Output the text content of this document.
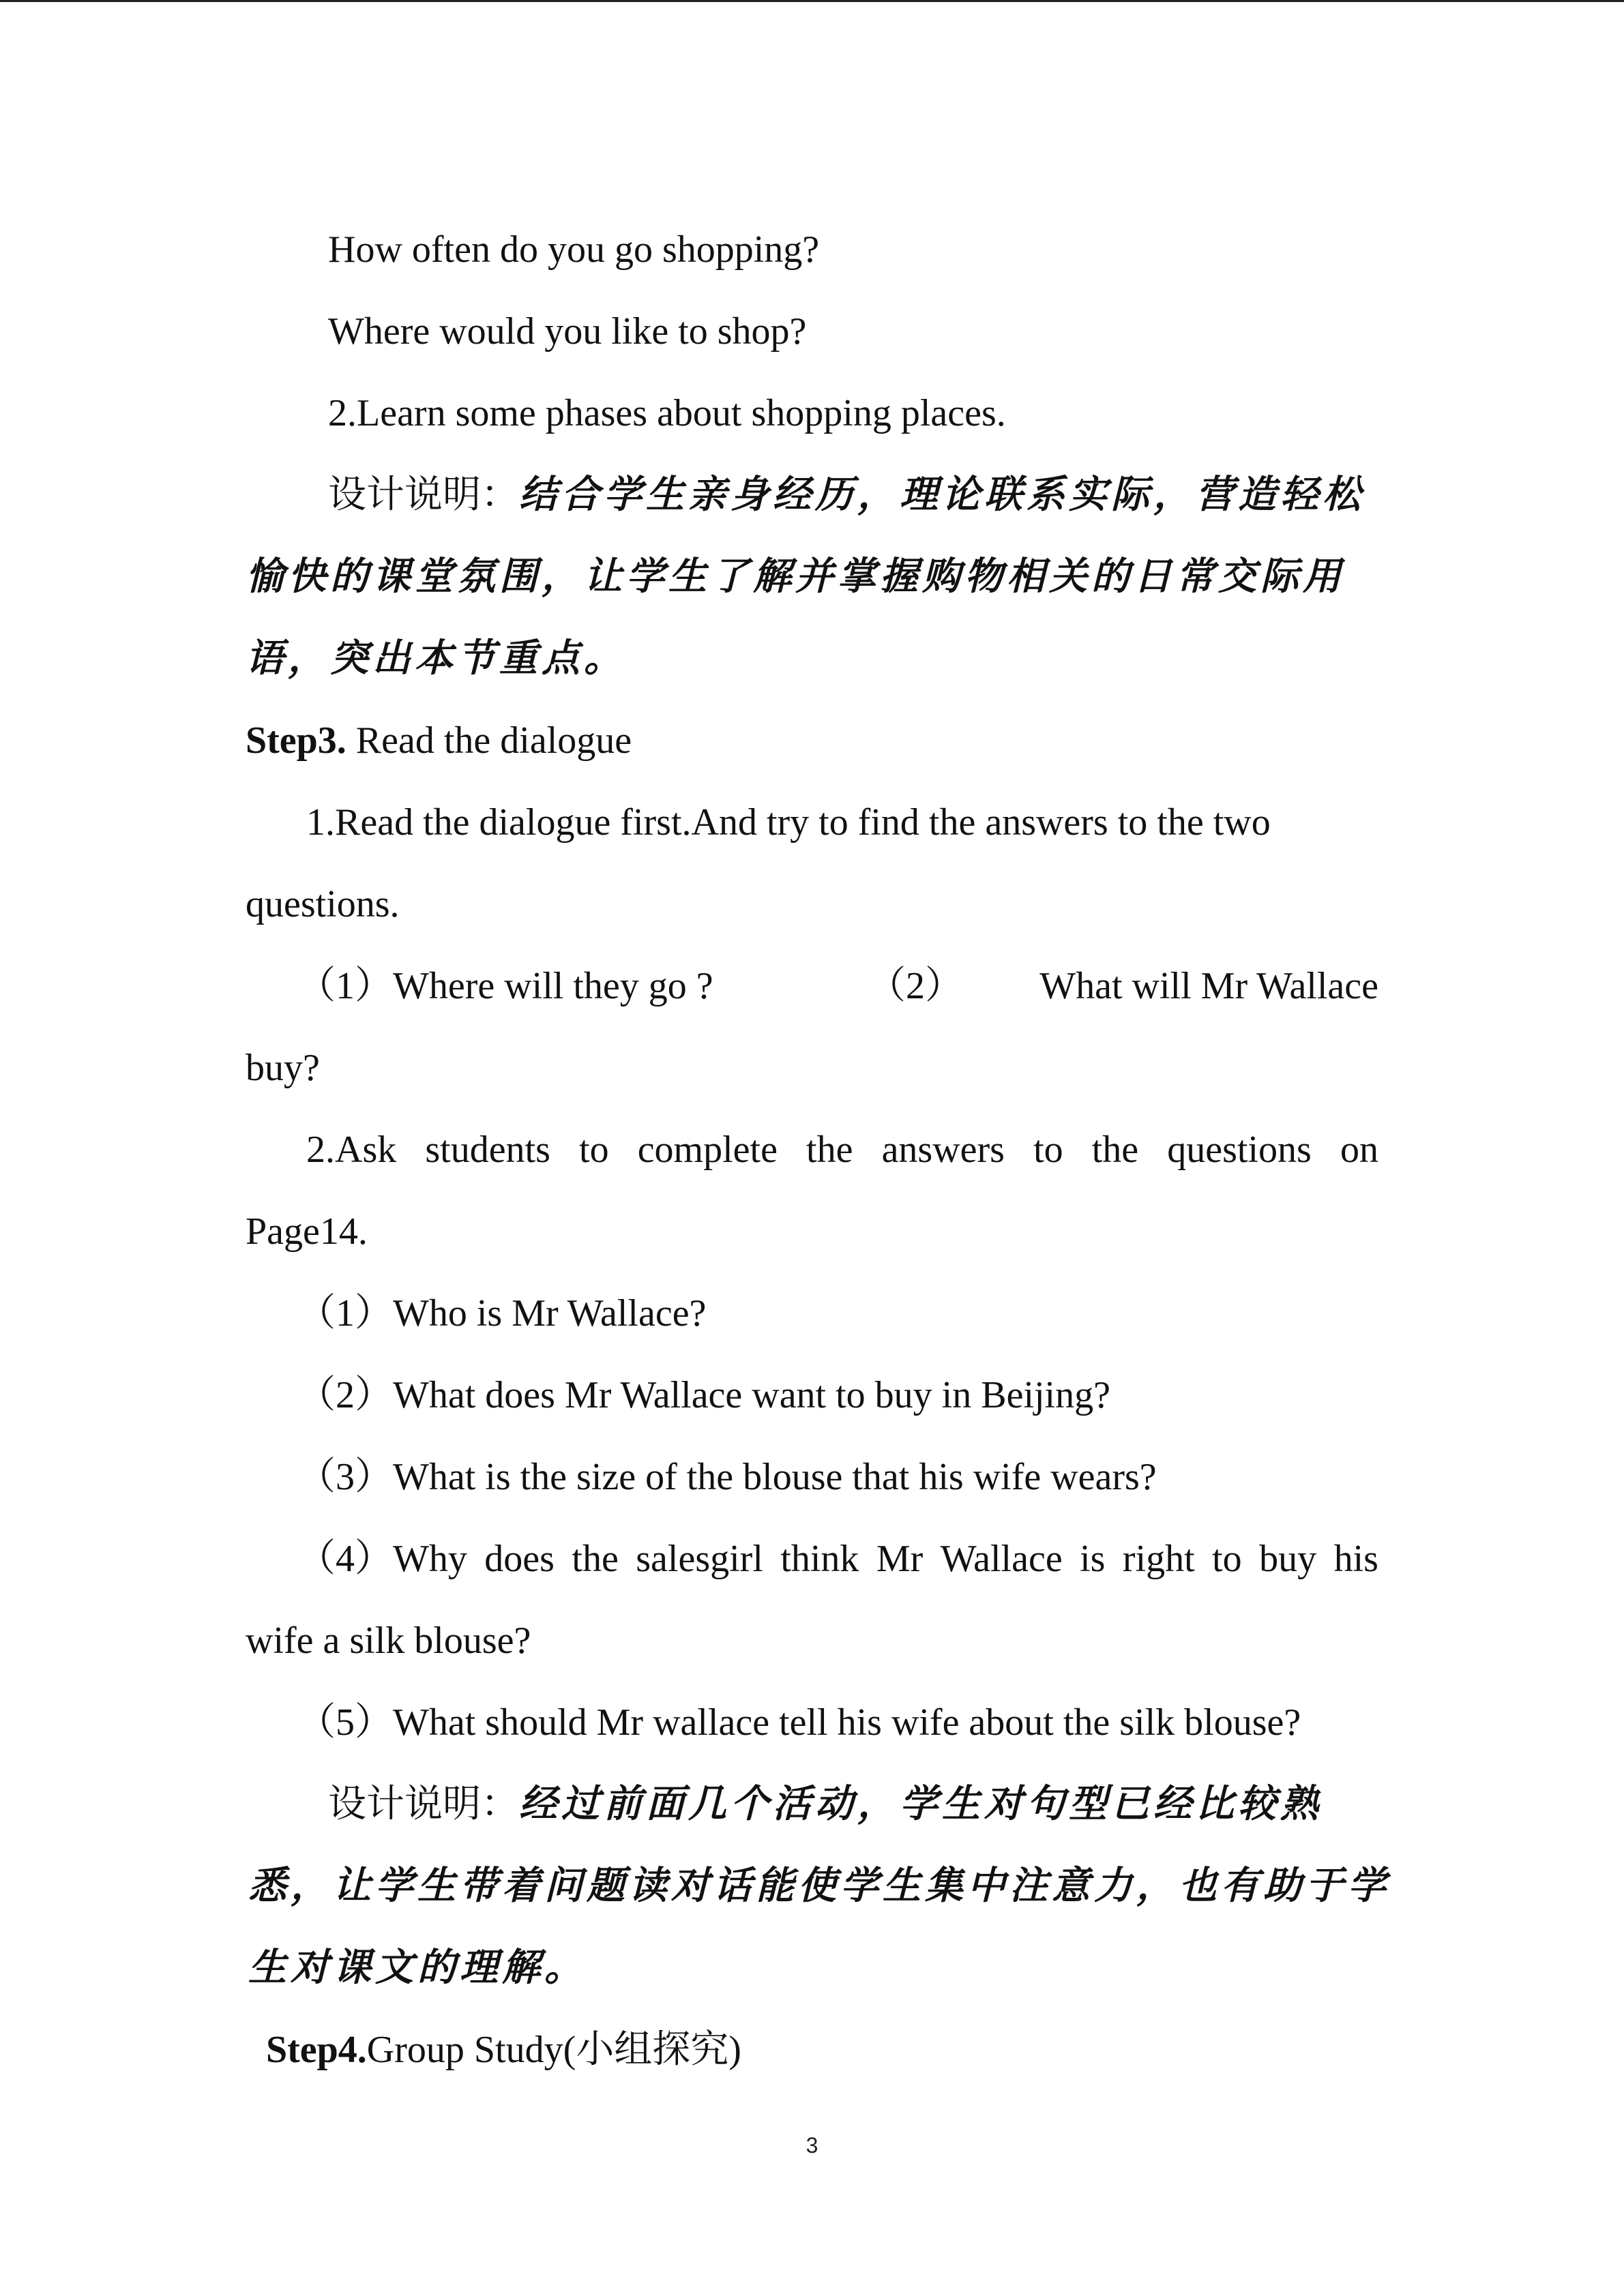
How often do you go shopping?
Where would you like to shop?
2.Learn some phases about shopping places.
设计说明：结合学生亲身经历，理论联系实际，营造轻松
愉快的课堂氛围，让学生了解并掌握购物相关的日常交际用
语，突出本节重点。
Step3. Read the dialogue
1.Read the dialogue first.And try to find the answers to the two
questions.
（1）Where will they go ?	（2） What will Mr Wallace
buy?
2.Ask students to complete the answers to the questions on
Page14.
（1）Who is Mr Wallace?
（2）What does Mr Wallace want to buy in Beijing?
（3）What is the size of the blouse that his wife wears?
（4）Why does the salesgirl think Mr Wallace is right to buy his
wife a silk blouse?
（5）What should Mr wallace tell his wife about the silk blouse?
设计说明：经过前面几个活动，学生对句型已经比较熟
悉，让学生带着问题读对话能使学生集中注意力，也有助于学
生对课文的理解。
Step4.Group Study(小组探究)
3
